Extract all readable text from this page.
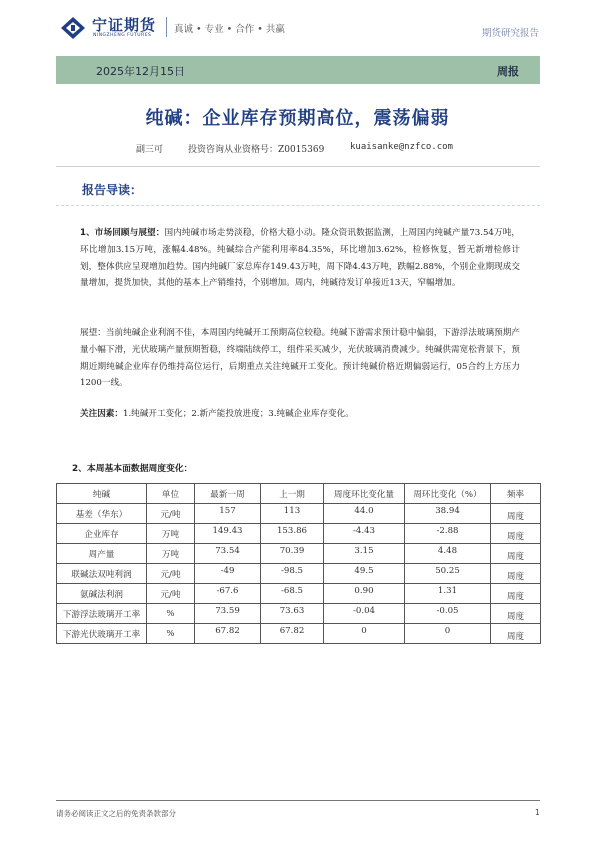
宁证期货
NINGZHENG FUTURES
真诚 • 专业 • 合作 • 共赢	期货研究报告
2025年12月15日	周报
纯碱：企业库存预期高位，震荡偏弱
副三可	投资咨询从业资格号：Z0015369	kuaisanke@nzfco.com
报告导读：
1、市场回顾与展望：国内纯碱市场走势淡稳，价格大稳小动。隆众资讯数据监测，上周国内纯碱产量73.54万吨，环比增加3.15万吨，涨幅4.48%。纯碱综合产能利用率84.35%，环比增加3.62%，检修恢复，暂无新增检修计划，整体供应呈现增加趋势。国内纯碱厂家总库存149.43万吨，周下降4.43万吨，跌幅2.88%，个别企业期现成交量增加，提货加快，其他的基本上产销维持，个别增加。周内，纯碱待发订单接近13天，窄幅增加。
展望：当前纯碱企业利润不佳，本周国内纯碱开工预期高位较稳。纯碱下游需求预计稳中偏弱，下游浮法玻璃预期产量小幅下滑，光伏玻璃产量预期暂稳，终端陆续停工，组件采买减少，光伏玻璃消费减少。纯碱供需宽松背景下，预期近期纯碱企业库存仍维持高位运行，后期重点关注纯碱开工变化。预计纯碱价格近期偏弱运行，05合约上方压力1200一线。
关注因素：1.纯碱开工变化；2.新产能投放进度；3.纯碱企业库存变化。
2、本周基本面数据周度变化：
纯碱	单位	最新一周	上一期	周度环比变化量	周环比变化（%）	频率
基差（华东）	元/吨	157	113	44.0	38.94	周度
企业库存	万吨	149.43	153.86	-4.43	-2.88	周度
周产量	万吨	73.54	70.39	3.15	4.48	周度
联碱法双吨利润	元/吨	-49	-98.5	49.5	50.25	周度
氨碱法利润	元/吨	-67.6	-68.5	0.90	1.31	周度
下游浮法玻璃开工率	%	73.59	73.63	-0.04	-0.05	周度
下游光伏玻璃开工率	%	67.82	67.82	0	0	周度
请务必阅读正文之后的免责条款部分	1
